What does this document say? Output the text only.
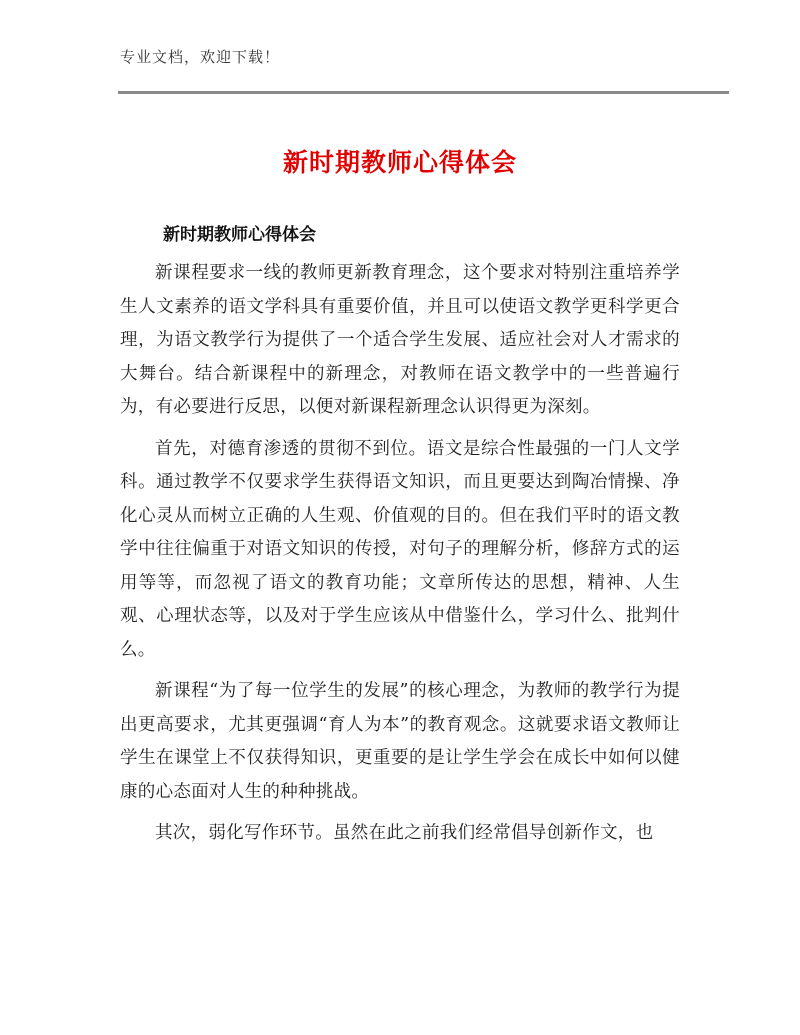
专业文档，欢迎下载！
新时期教师心得体会
新时期教师心得体会

新课程要求一线的教师更新教育理念，这个要求对特别注重培养学生人文素养的语文学科具有重要价值，并且可以使语文教学更科学更合理，为语文教学行为提供了一个适合学生发展、适应社会对人才需求的大舞台。结合新课程中的新理念，对教师在语文教学中的一些普遍行为，有必要进行反思，以便对新课程新理念认识得更为深刻。

首先，对德育渗透的贯彻不到位。语文是综合性最强的一门人文学科。通过教学不仅要求学生获得语文知识，而且更要达到陶冶情操、净化心灵从而树立正确的人生观、价值观的目的。但在我们平时的语文教学中往往偏重于对语文知识的传授，对句子的理解分析，修辞方式的运用等等，而忽视了语文的教育功能；文章所传达的思想，精神、人生观、心理状态等，以及对于学生应该从中借鉴什么，学习什么、批判什么。

新课程“为了每一位学生的发展”的核心理念，为教师的教学行为提出更高要求，尤其更强调“育人为本”的教育观念。这就要求语文教师让学生在课堂上不仅获得知识，更重要的是让学生学会在成长中如何以健康的心态面对人生的种种挑战。

其次，弱化写作环节。虽然在此之前我们经常倡导创新作文，也
